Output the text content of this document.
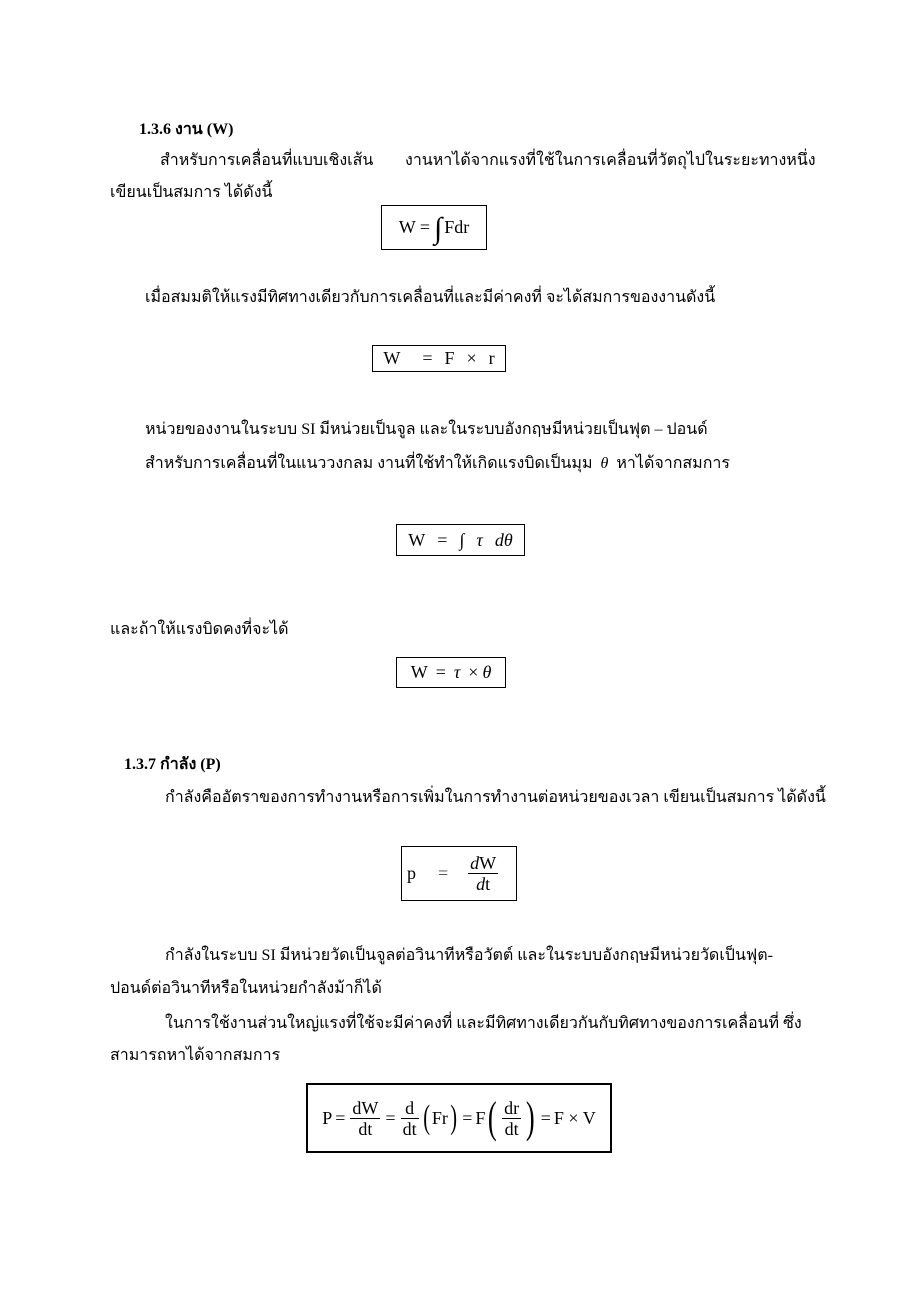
1.3.6 งาน (W)
สำหรับการเคลื่อนที่แบบเชิงเส้น งานหาได้จากแรงที่ใช้ในการเคลื่อนที่วัตถุไปในระยะทางหนึ่ง
เขียนเป็นสมการ ได้ดังนี้
W = ∫ Fdr
เมื่อสมมติให้แรงมีทิศทางเดียวกับการเคลื่อนที่และมีค่าคงที่ จะได้สมการของงานดังนี้
W = F × r
หน่วยของงานในระบบ SI มีหน่วยเป็นจูล และในระบบอังกฤษมีหน่วยเป็นฟุต – ปอนด์
สำหรับการเคลื่อนที่ในแนววงกลม งานที่ใช้ทำให้เกิดแรงบิดเป็นมุม θ หาได้จากสมการ
W = ∫ τ dθ
และถ้าให้แรงบิดคงที่จะได้
W = τ × θ
1.3.7 กำลัง (P)
กำลังคืออัตราของการทำงานหรือการเพิ่มในการทำงานต่อหน่วยของเวลา เขียนเป็นสมการ ได้ดังนี้
$p = \frac{dW}{dt}$
กำลังในระบบ SI มีหน่วยวัดเป็นจูลต่อวินาทีหรือวัตต์ และในระบบอังกฤษมีหน่วยวัดเป็นฟุต-
ปอนด์ต่อวินาทีหรือในหน่วยกำลังม้าก็ได้
ในการใช้งานส่วนใหญ่แรงที่ใช้จะมีค่าคงที่ และมีทิศทางเดียวกันกับทิศทางของการเคลื่อนที่ ซึ่ง
สามารถหาได้จากสมการ
$P = \frac{dW}{dt} = \frac{d}{dt}$ ( Fr ) = F ( $\frac{dr}{dt}$ ) = F × V
